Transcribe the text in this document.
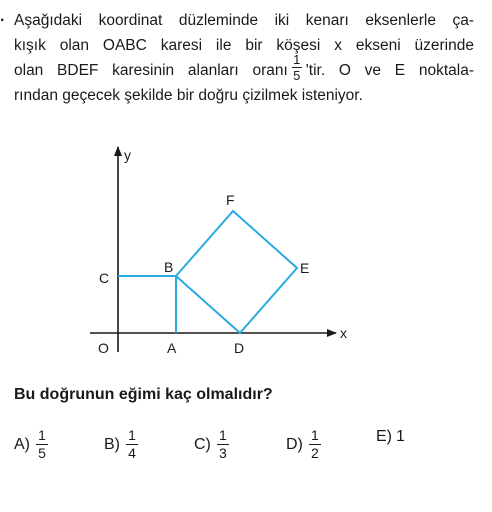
. Aşağıdaki koordinat düzleminde iki kenarı eksenlerle ça-
kışık olan OABC karesi ile bir köşesi x ekseni üzerinde
olan BDEF karesinin alanları oranı $\frac{1}{5}$ 'tir. O ve E noktala-
rından geçecek şekilde bir doğru çizilmek isteniyor.
x
y
O	A
B
C
D
E
F
Bu doğrunun eğimi kaç olmalıdır?
$A) \frac{1}{5}$	$B) \frac{1}{4}$	$C) \frac{1}{3}$	$D) \frac{1}{2}$	E) 1
